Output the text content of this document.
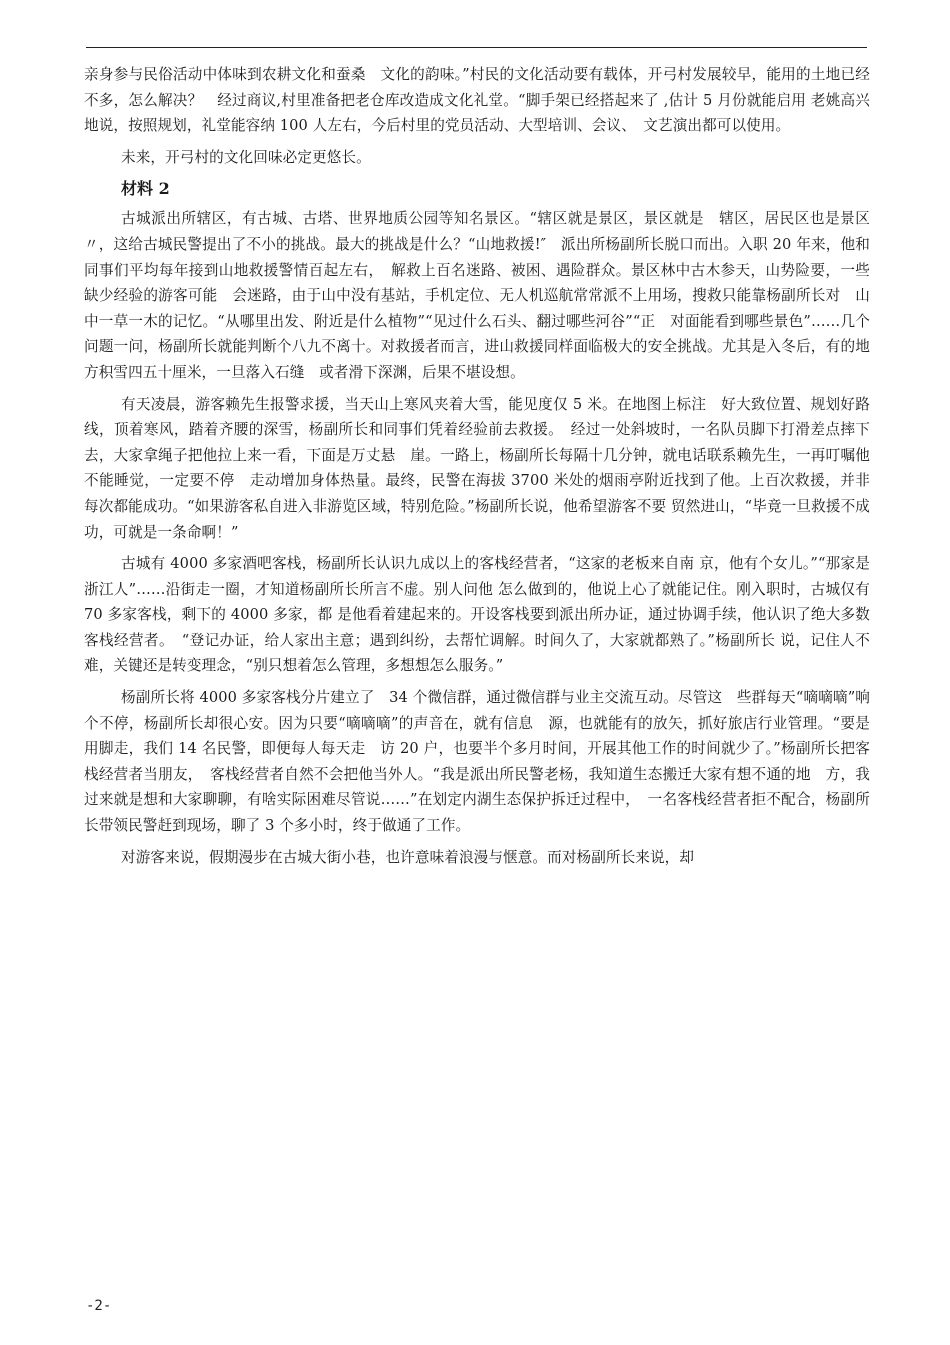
亲身参与民俗活动中体味到农耕文化和蚕桑　文化的韵味。”村民的文化活动要有载体，开弓村发展较早，能用的土地已经不多，怎么解决？　经过商议,村里准备把老仓库改造成文化礼堂。“脚手架已经搭起来了 ,估计 5 月份就能启用 老姚高兴地说，按照规划，礼堂能容纳 100 人左右，今后村里的党员活动、大型培训、会议、　文艺演出都可以使用。

未来，开弓村的文化回味必定更悠长。

材料 2

古城派出所辖区，有古城、古塔、世界地质公园等知名景区。“辖区就是景区，景区就是　辖区，居民区也是景区〃，这给古城民警提出了不小的挑战。最大的挑战是什么？“山地救援!″　派出所杨副所长脱口而出。入职 20 年来，他和同事们平均每年接到山地救援警情百起左右，　解救上百名迷路、被困、遇险群众。景区林中古木参天，山势险要，一些缺少经验的游客可能　会迷路，由于山中没有基站，手机定位、无人机巡航常常派不上用场，搜救只能靠杨副所长对　山中一草一木的记忆。“从哪里出发、附近是什么植物”“见过什么石头、翻过哪些河谷”“正　对面能看到哪些景色”……几个问题一问，杨副所长就能判断个八九不离十。对救援者而言，进山救援同样面临极大的安全挑战。尤其是入冬后，有的地方积雪四五十厘米，一旦落入石缝　或者滑下深渊，后果不堪设想。

有天凌晨，游客赖先生报警求援，当天山上寒风夹着大雪，能见度仅 5 米。在地图上标注　好大致位置、规划好路线，顶着寒风，踏着齐腰的深雪，杨副所长和同事们凭着经验前去救援。　经过一处斜坡时，一名队员脚下打滑差点摔下去，大家拿绳子把他拉上来一看，下面是万丈悬　崖。一路上，杨副所长每隔十几分钟，就电话联系赖先生，一再叮嘱他不能睡觉，一定要不停　走动增加身体热量。最终，民警在海拔 3700 米处的烟雨亭附近找到了他。上百次救援，并非　每次都能成功。“如果游客私自进入非游览区域，特别危险。”杨副所长说，他希望游客不要 贸然进山，“毕竟一旦救援不成功，可就是一条命啊！”

古城有 4000 多家酒吧客栈，杨副所长认识九成以上的客栈经营者，“这家的老板来自南 京，他有个女儿。”“那家是浙江人”……沿街走一圈，才知道杨副所长所言不虚。别人问他 怎么做到的，他说上心了就能记住。刚入职时，古城仅有 70 多家客栈，剩下的 4000 多家，都 是他看着建起来的。开设客栈要到派出所办证，通过协调手续，他认识了绝大多数客栈经营者。　“登记办证，给人家出主意；遇到纠纷，去帮忙调解。时间久了，大家就都熟了。”杨副所长 说，记住人不难，关键还是转变理念，“别只想着怎么管理，多想想怎么服务。”

杨副所长将 4000 多家客栈分片建立了　34 个微信群，通过微信群与业主交流互动。尽管这　些群每天“嘀嘀嘀”响个不停，杨副所长却很心安。因为只要“嘀嘀嘀”的声音在，就有信息　源，也就能有的放矢，抓好旅店行业管理。“要是用脚走，我们 14 名民警，即便每人每天走　访 20 户，也要半个多月时间，开展其他工作的时间就少了。”杨副所长把客栈经营者当朋友，　客栈经营者自然不会把他当外人。“我是派出所民警老杨，我知道生态搬迁大家有想不通的地　方，我过来就是想和大家聊聊，有啥实际困难尽管说……”在划定内湖生态保护拆迁过程中，　一名客栈经营者拒不配合，杨副所长带领民警赶到现场，聊了 3 个多小时，终于做通了工作。

对游客来说，假期漫步在古城大街小巷，也许意味着浪漫与惬意。而对杨副所长来说，却

-2-
